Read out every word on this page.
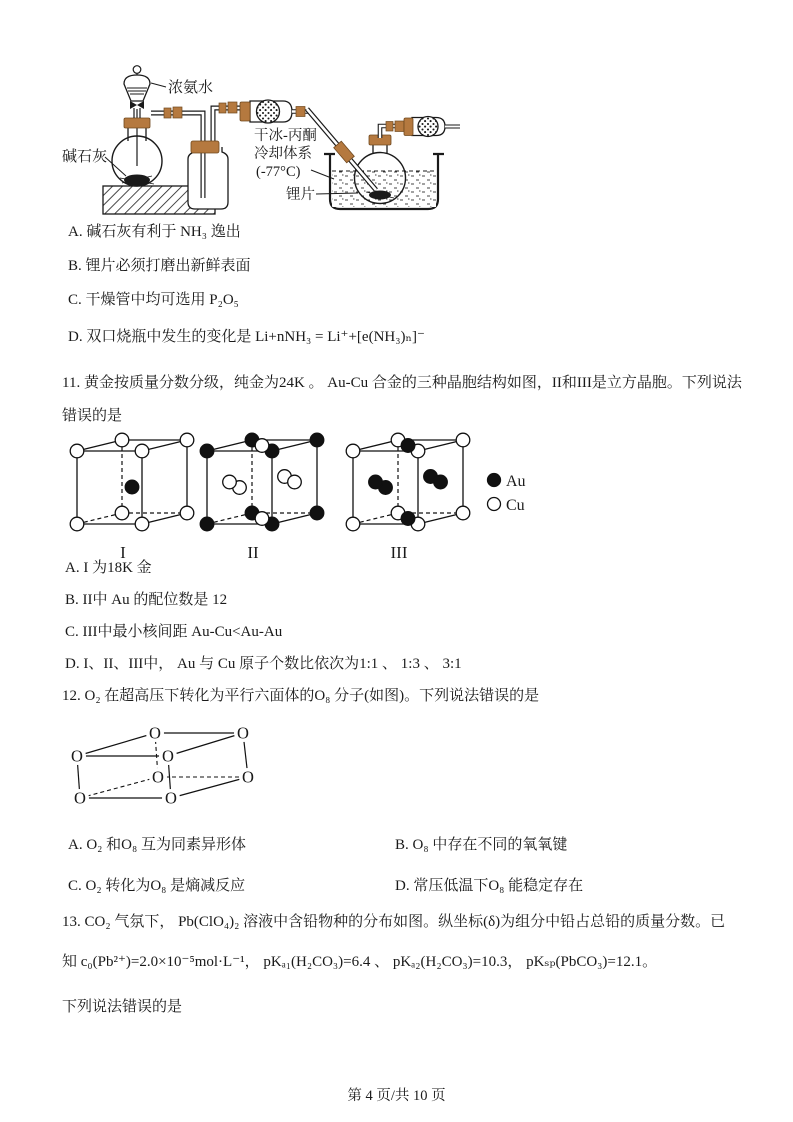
碱石灰
浓氨水
干冰-丙酮
冷却体系
(-77°C)
锂片
A. 碱石灰有利于 NH₃ 逸出
B. 锂片必须打磨出新鲜表面
C. 干燥管中均可选用 P₂O₅
D. 双口烧瓶中发生的变化是 Li+nNH₃ = Li⁺+[e(NH₃)ₙ]⁻
11. 黄金按质量分数分级，纯金为24K 。 Au-Cu 合金的三种晶胞结构如图，II和III是立方晶胞。下列说法
错误的是
I	II	III
Au
Cu
A. I 为18K 金
B. II中 Au 的配位数是 12
C. III中最小核间距 Au-Cu<Au-Au
D. I、II、III中， Au 与 Cu 原子个数比依次为1:1 、 1:3 、 3:1
12. O₂ 在超高压下转化为平行六面体的O₈ 分子(如图)。下列说法错误的是
O	O
O	O
O	O
O	O
A. O₂ 和O₈ 互为同素异形体	B. O₈ 中存在不同的氧氧键
C. O₂ 转化为O₈ 是熵减反应	D. 常压低温下O₈ 能稳定存在
13. CO₂ 气氛下， Pb(ClO₄)₂ 溶液中含铅物种的分布如图。纵坐标(δ)为组分中铅占总铅的质量分数。已
知 c₀(Pb²⁺)=2.0×10⁻⁵mol·L⁻¹， pKₐ₁(H₂CO₃)=6.4 、 pKₐ₂(H₂CO₃)=10.3， pKₛₚ(PbCO₃)=12.1。
下列说法错误的是
第 4 页/共 10 页
